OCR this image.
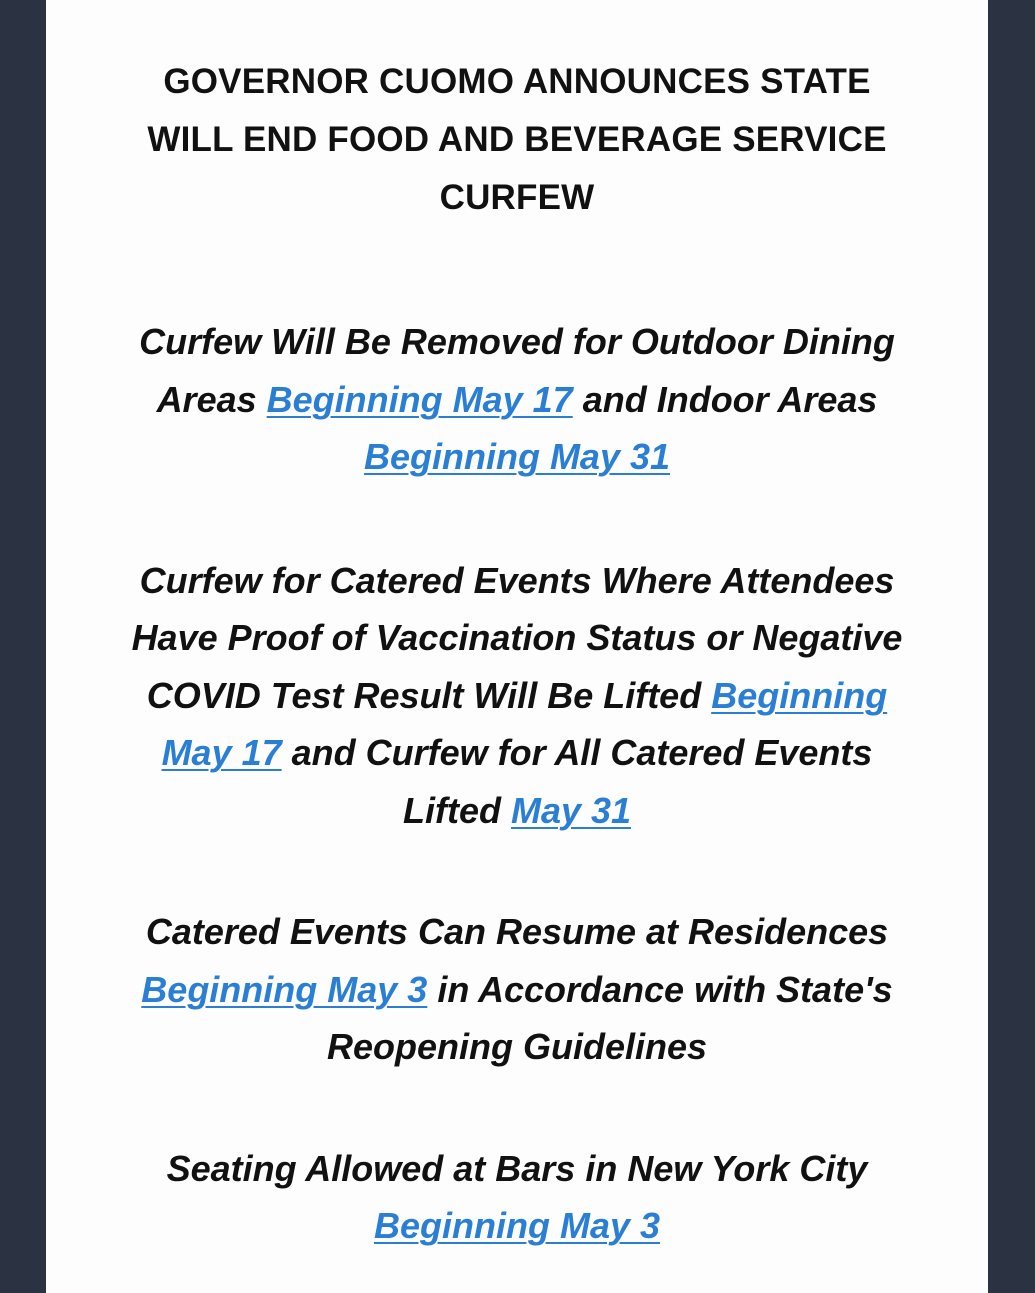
GOVERNOR CUOMO ANNOUNCES STATE
WILL END FOOD AND BEVERAGE SERVICE
CURFEW

Curfew Will Be Removed for Outdoor Dining
Areas Beginning May 17 and Indoor Areas
Beginning May 31

Curfew for Catered Events Where Attendees
Have Proof of Vaccination Status or Negative
COVID Test Result Will Be Lifted Beginning
May 17 and Curfew for All Catered Events
Lifted May 31

Catered Events Can Resume at Residences
Beginning May 3 in Accordance with State's
Reopening Guidelines

Seating Allowed at Bars in New York City
Beginning May 3
